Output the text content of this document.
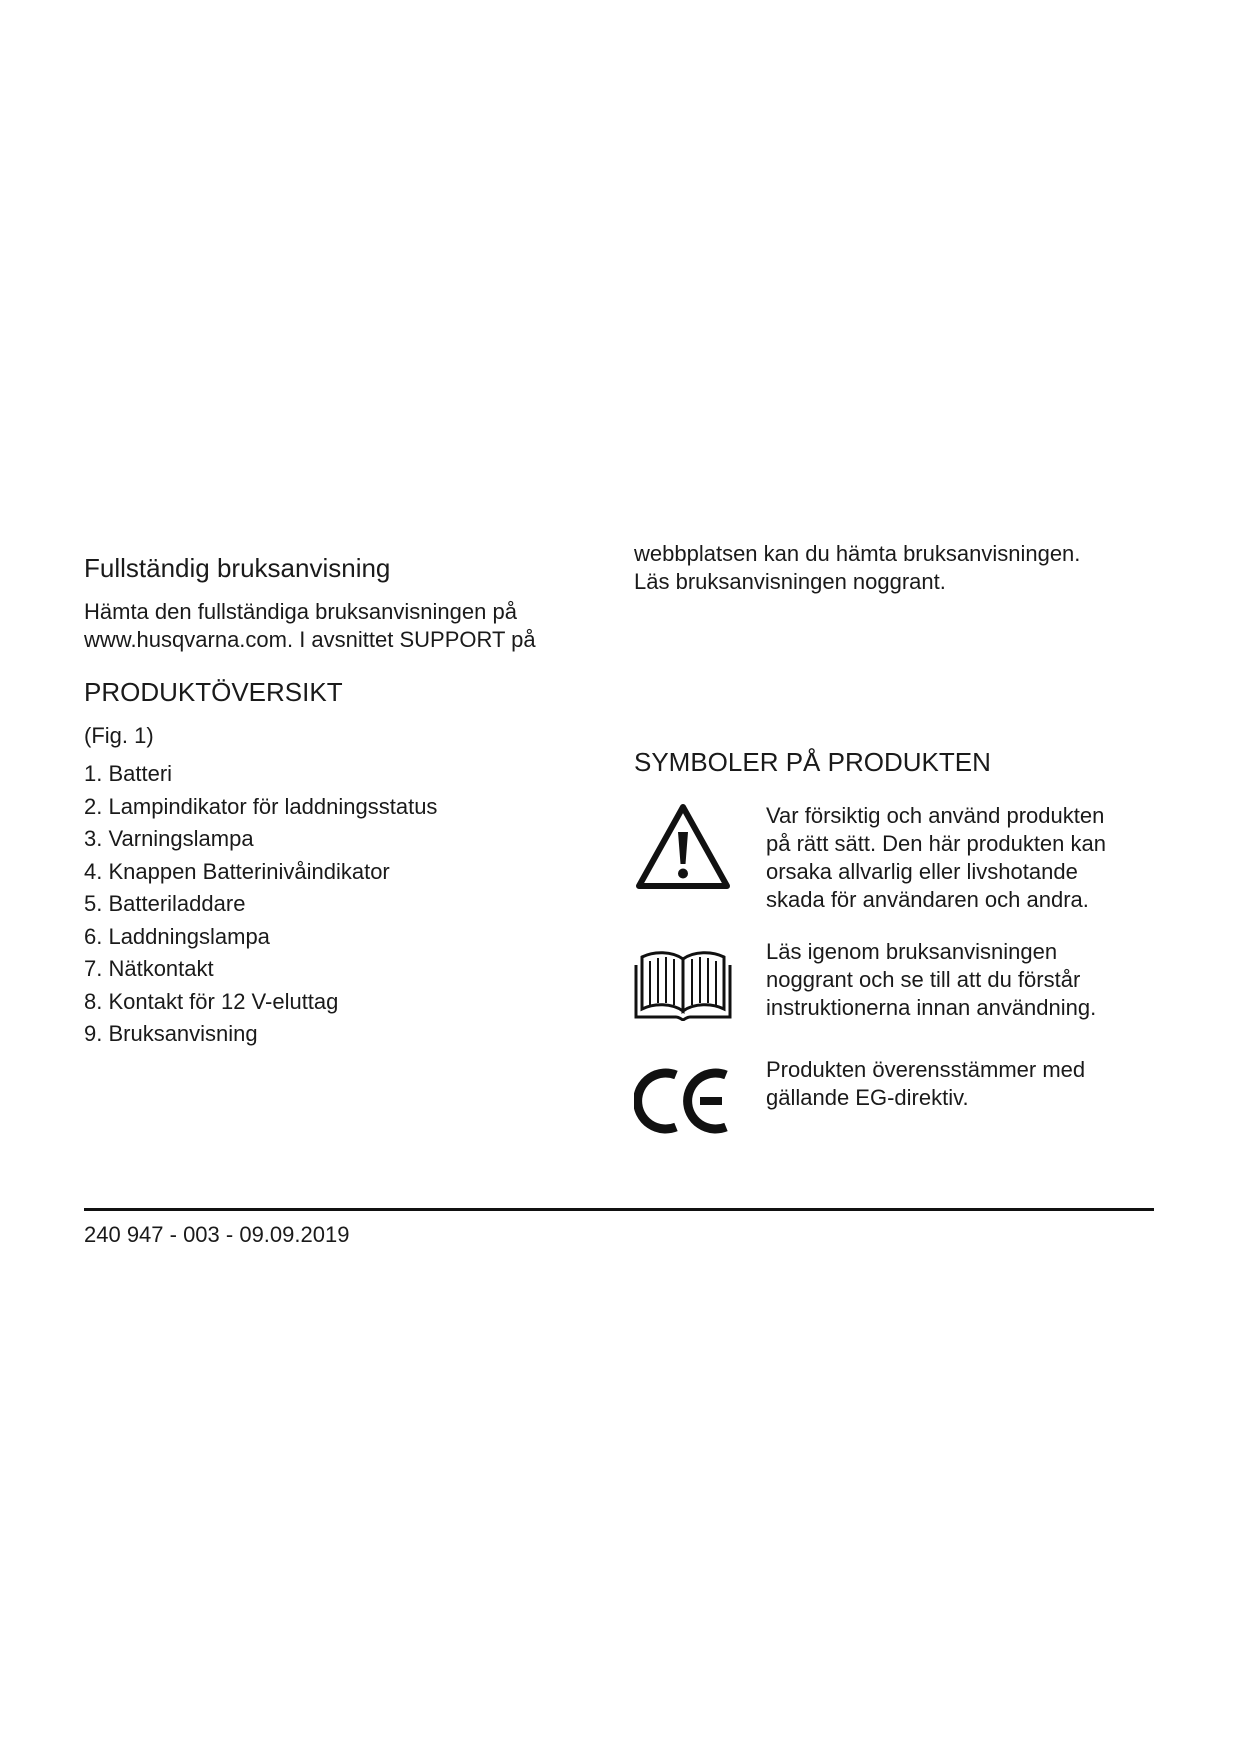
Fullständig bruksanvisning

Hämta den fullständiga bruksanvisningen på

www.husqvarna.com. I avsnittet SUPPORT på

PRODUKTÖVERSIKT

(Fig. 1)

1. Batteri
2. Lampindikator för laddningsstatus
3. Varningslampa
4. Knappen Batterinivåindikator
5. Batteriladdare
6. Laddningslampa
7. Nätkontakt
8. Kontakt för 12 V-eluttag
9. Bruksanvisning

webbplatsen kan du hämta bruksanvisningen.

Läs bruksanvisningen noggrant.

SYMBOLER PÅ PRODUKTEN

Var försiktig och använd produkten

på rätt sätt. Den här produkten kan

orsaka allvarlig eller livshotande

skada för användaren och andra.

Läs igenom bruksanvisningen

noggrant och se till att du förstår

instruktionerna innan användning.

Produkten överensstämmer med

gällande EG-direktiv.

240 947 - 003 - 09.09.2019
